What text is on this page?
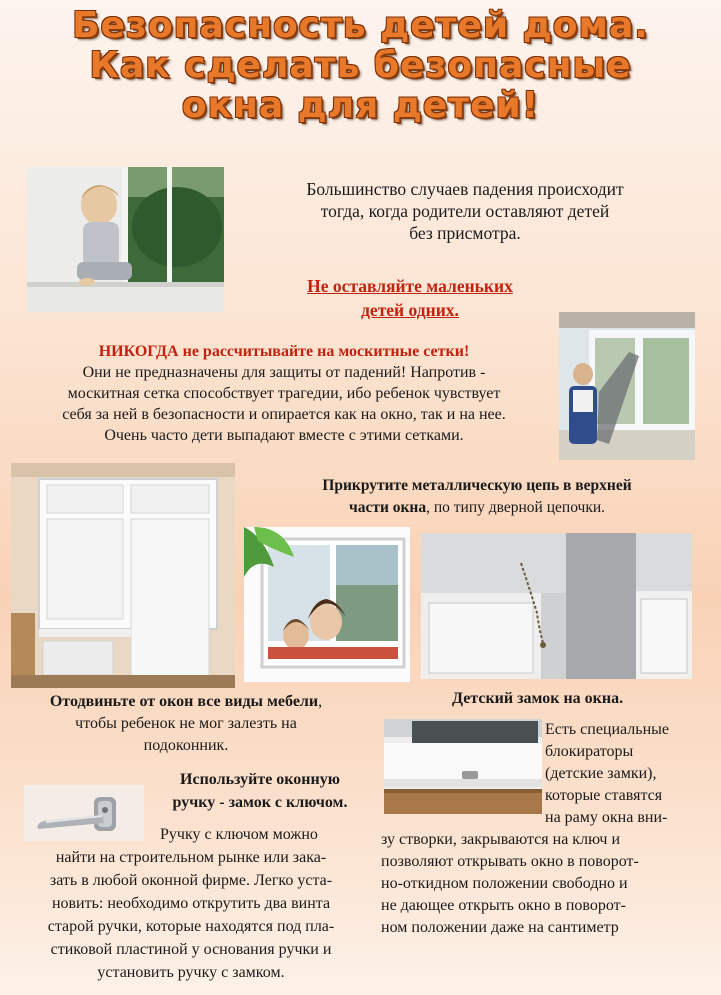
Безопасность детей дома.
Как сделать безопасные
окна для детей!
Большинство случаев падения происходит
тогда, когда родители оставляют детей
без присмотра.
Не оставляйте маленьких
детей одних.
НИКОГДА не рассчитывайте на москитные сетки!
Они не предназначены для защиты от падений! Напротив -
москитная сетка способствует трагедии, ибо ребенок чувствует
себя за ней в безопасности и опирается как на окно, так и на нее.
Очень часто дети выпадают вместе с этими сетками.
Прикрутите металлическую цепь в верхней
части окна, по типу дверной цепочки.
Отодвиньте от окон все виды мебели,
чтобы ребенок не мог залезть на
подоконник.
Детский замок на окна.
Есть специальные
блокираторы
(детские замки),
которые ставятся
на раму окна вни-
зу створки, закрываются на ключ и
позволяют открывать окно в поворот-
но-откидном положении свободно и
не дающее открыть окно в поворот-
ном положении даже на сантиметр
Используйте оконную
ручку - замок с ключом.
Ручку с ключом можно
найти на строительном рынке или зака-
зать в любой оконной фирме. Легко уста-
новить: необходимо открутить два винта
старой ручки, которые находятся под пла-
стиковой пластиной у основания ручки и
установить ручку с замком.
